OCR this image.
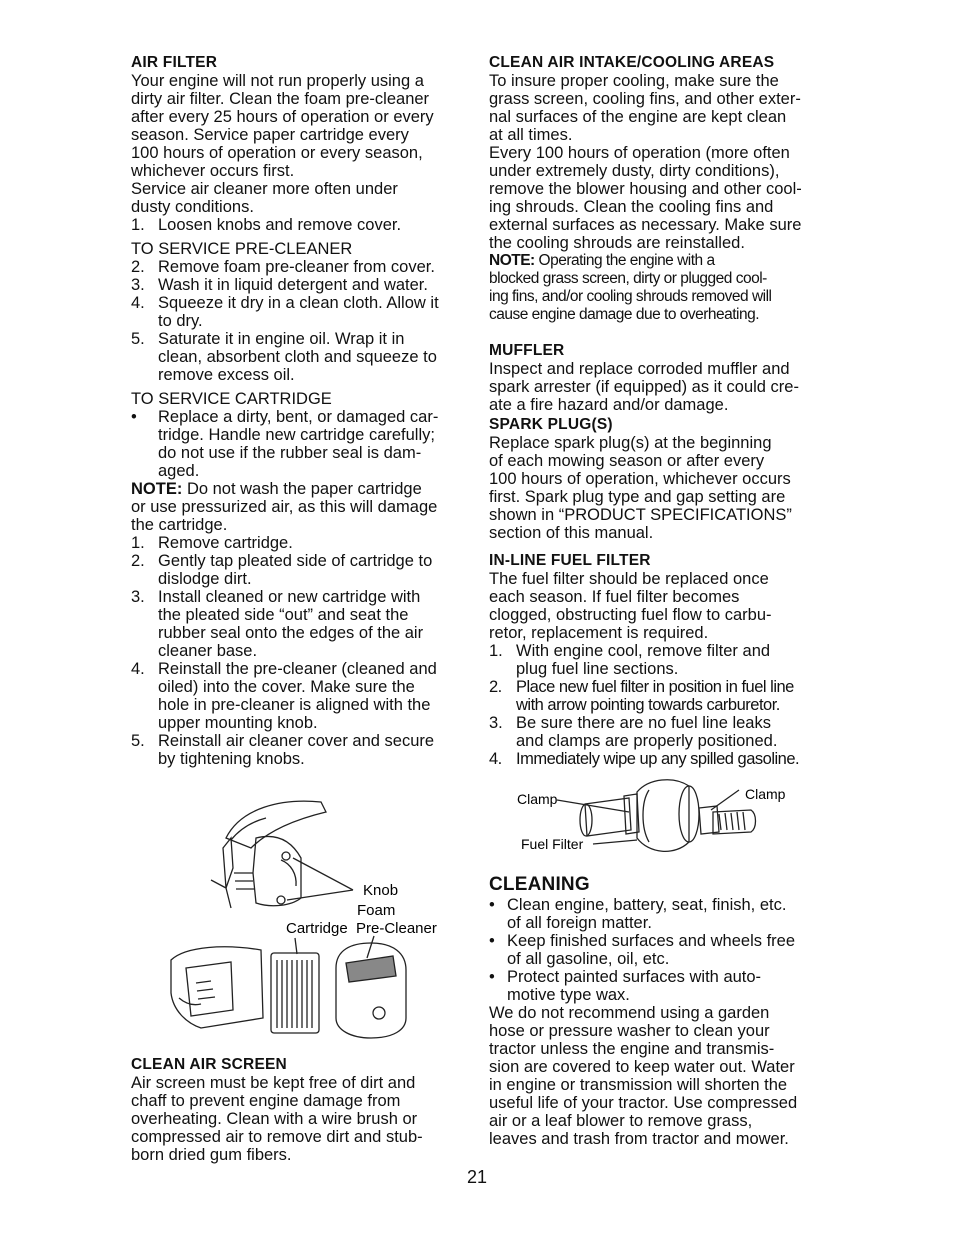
AIR FILTER

Your engine will not run properly using a

dirty air filter. Clean the foam pre-cleaner

after every 25 hours of operation or every

season. Service paper cartridge every

100 hours of operation or every season,

whichever occurs first.

Service air cleaner more often under

dusty conditions.

1. Loosen knobs and remove cover.

TO SERVICE PRE-CLEANER

2. Remove foam pre-cleaner from cover.
3. Wash it in liquid detergent and water.
4. Squeeze it dry in a clean cloth. Allow it
to dry.
5. Saturate it in engine oil. Wrap it in
clean, absorbent cloth and squeeze to
remove excess oil.

TO SERVICE CARTRIDGE

•	Replace a dirty, bent, or damaged car-
tridge. Handle new cartridge carefully;
do not use if the rubber seal is dam-
aged.

NOTE: Do not wash the paper cartridge

or use pressurized air, as this will damage

the cartridge.

1. Remove cartridge.
2. Gently tap pleated side of cartridge to
dislodge dirt.
3. Install cleaned or new cartridge with
the pleated side “out” and seat the
rubber seal onto the edges of the air
cleaner base.
4. Reinstall the pre-cleaner (cleaned and
oiled) into the cover. Make sure the
hole in pre-cleaner is aligned with the
upper mounting knob.
5. Reinstall air cleaner cover and secure
by tightening knobs.
Knob
Cartridge
Foam
Pre-Cleaner

CLEAN AIR SCREEN

Air screen must be kept free of dirt and

chaff to prevent engine damage from

overheating. Clean with a wire brush or

compressed air to remove dirt and stub-

born dried gum fibers.

CLEAN AIR INTAKE/COOLING AREAS

To insure proper cooling, make sure the

grass screen, cooling fins, and other exter-

nal surfaces of the engine are kept clean

at all times.

Every 100 hours of operation (more often

under extremely dusty, dirty conditions),

remove the blower housing and other cool-

ing shrouds. Clean the cooling fins and

external surfaces as necessary. Make sure

the cooling shrouds are reinstalled.

NOTE: Operating the engine with a

blocked grass screen, dirty or plugged cool-

ing fins, and/or cooling shrouds removed will

cause engine damage due to overheating.

MUFFLER

Inspect and replace corroded muffler and

spark arrester (if equipped) as it could cre-

ate a fire hazard and/or damage.

SPARK PLUG(S)

Replace spark plug(s) at the beginning

of each mowing season or after every

100 hours of operation, whichever occurs

first. Spark plug type and gap setting are

shown in “PRODUCT SPECIFICATIONS”

section of this manual.

IN-LINE FUEL FILTER

The fuel filter should be replaced once

each season. If fuel filter becomes

clogged, obstructing fuel flow to carbu-

retor, replacement is required.

1. With engine cool, remove filter and
plug fuel line sections.
2. Place new fuel filter in position in fuel line
with arrow pointing towards carburetor.
3. Be sure there are no fuel line leaks
and clamps are properly positioned.
4. Immediately wipe up any spilled gasoline.
Clamp	Clamp
Fuel Filter

CLEANING

• Clean engine, battery, seat, finish, etc.
of all foreign matter.
• Keep finished surfaces and wheels free
of all gasoline, oil, etc.
• Protect painted surfaces with auto-
motive type wax.

We do not recommend using a garden

hose or pressure washer to clean your

tractor unless the engine and transmis-

sion are covered to keep water out. Water

in engine or transmission will shorten the

useful life of your tractor. Use compressed

air or a leaf blower to remove grass,

leaves and trash from tractor and mower.

21
